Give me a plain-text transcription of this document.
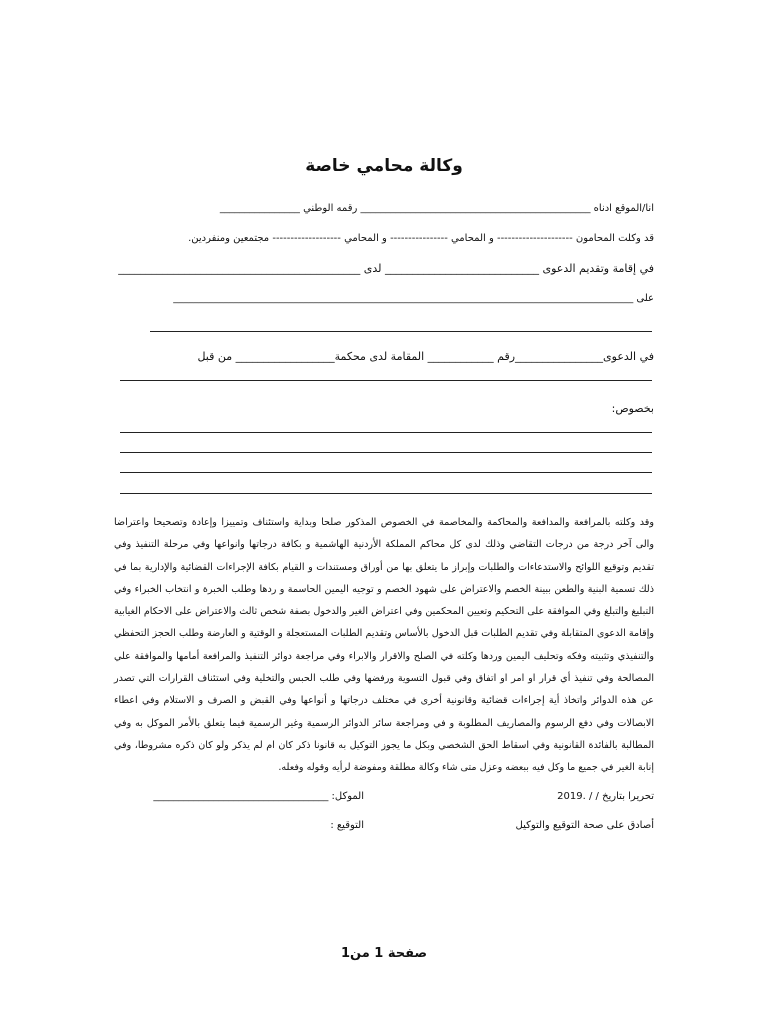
وكالة محامي خاصة
انا/الموقع ادناه ______________________________________________ رقمه الوطني ________________
قد وكلت المحامون --------------------- و المحامي ---------------- و المحامي ------------------- مجتمعين ومنفردين.
في إقامة وتقديم الدعوى ____________________________ لدى ____________________________________________
على ____________________________________________________________________________________________
في الدعوى________________رقم ____________ المقامة لدى محكمة__________________ من قبل
بخصوص:
وقد وكلته بالمرافعة والمدافعة والمحاكمة والمخاصمة في الخصوص المذكور صلحا وبداية واستئناف وتمييزا وإعادة وتصحيحا واعتراضا والى آخر درجة من درجات التقاضي وذلك لدى كل محاكم المملكة الأردنية الهاشمية و بكافة درجاتها وانواعها وفي مرحلة التنفيذ وفي تقديم وتوقيع اللوائح والاستدعاءات والطلبات وإبراز ما يتعلق بها من أوراق ومستندات و القيام بكافة الإجراءات القضائية والإدارية بما في ذلك تسمية البنية والطعن ببينة الخصم والاعتراض على شهود الخصم و توجيه اليمين الحاسمة و ردها وطلب الخبرة و انتخاب الخبراء وفي التبليغ والتبلغ وفي الموافقة على التحكيم وتعيين المحكمين وفي اعتراض الغير والدخول بصفة شخص ثالث والاعتراض على الاحكام الغيابية وإقامة الدعوى المتقابلة وفي تقديم الطلبات قبل الدخول بالأساس وتقديم الطلبات المستعجلة و الوقتية و العارضة وطلب الحجز التحفظي والتنفيذي وتثبيته وفكه وتحليف اليمين وردها وكلته في الصلح والاقرار والابراء وفي مراجعة دوائر التنفيذ والمرافعة أمامها والموافقة علي المصالحة وفي تنفيذ أي قرار او امر او اتفاق وفي قبول التسوية ورفضها وفي طلب الحبس والتخلية وفي استئناف القرارات التي تصدر عن هذه الدوائر واتخاذ أية إجراءات قضائية وقانونية أخرى في مختلف درجاتها و أنواعها وفي القبض و الصرف و الاستلام وفي اعطاء الابصالات وفي دفع الرسوم والمصاريف المطلوبة و في ومراجعة سائر الدوائر الرسمية وغير الرسمية فيما يتعلق بالأمر الموكل به وفي المطالبة بالفائدة القانونية وفي اسقاط الحق الشخصي وبكل ما يجوز التوكيل به قانونا ذكر كان ام لم يذكر ولو كان ذكره مشروطا، وفي إنابة الغير في جميع ما وكل فيه ببعضه وعزل متى شاء وكالة مطلقة ومفوضة لرأيه وقوله وفعله.
تحريرا بتاريخ / / .2019
الموكل: ___________________________________
أصادق على صحة التوقيع والتوكيل
التوقيع :
صفحة 1 من1
